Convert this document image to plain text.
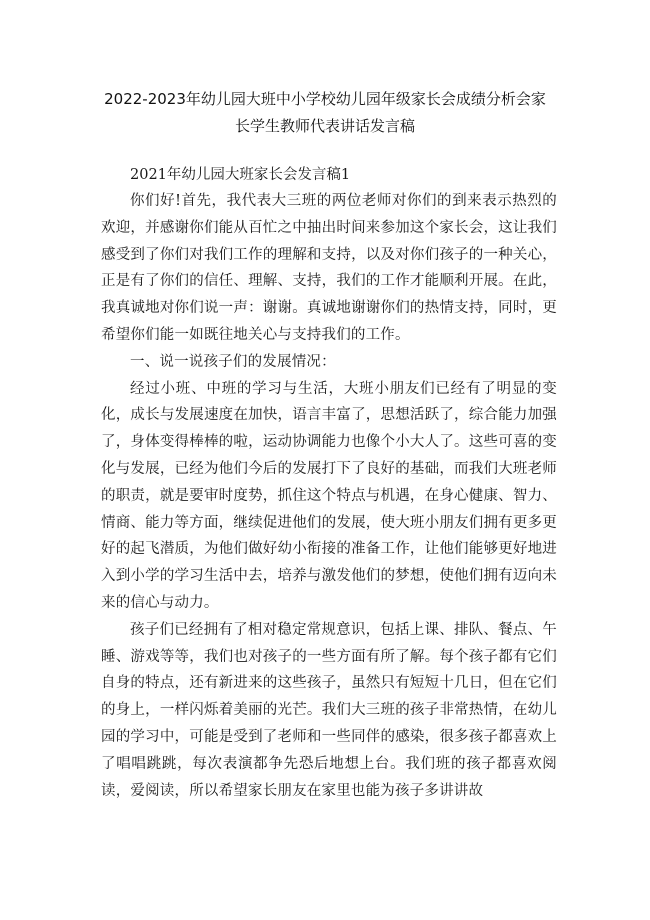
2022-2023年幼儿园大班中小学校幼儿园年级家长会成绩分析会家
长学生教师代表讲话发言稿
2021年幼儿园大班家长会发言稿1

你们好!首先，我代表大三班的两位老师对你们的到来表示热烈的欢迎，并感谢你们能从百忙之中抽出时间来参加这个家长会，这让我们感受到了你们对我们工作的理解和支持，以及对你们孩子的一种关心，正是有了你们的信任、理解、支持，我们的工作才能顺利开展。在此，我真诚地对你们说一声：谢谢。真诚地谢谢你们的热情支持，同时，更希望你们能一如既往地关心与支持我们的工作。

一、说一说孩子们的发展情况：

经过小班、中班的学习与生活，大班小朋友们已经有了明显的变化，成长与发展速度在加快，语言丰富了，思想活跃了，综合能力加强了，身体变得棒棒的啦，运动协调能力也像个小大人了。这些可喜的变化与发展，已经为他们今后的发展打下了良好的基础，而我们大班老师的职责，就是要审时度势，抓住这个特点与机遇，在身心健康、智力、情商、能力等方面，继续促进他们的发展，使大班小朋友们拥有更多更好的起飞潜质，为他们做好幼小衔接的准备工作，让他们能够更好地进入到小学的学习生活中去，培养与激发他们的梦想，使他们拥有迈向未来的信心与动力。

孩子们已经拥有了相对稳定常规意识，包括上课、排队、餐点、午睡、游戏等等，我们也对孩子的一些方面有所了解。每个孩子都有它们自身的特点，还有新进来的这些孩子，虽然只有短短十几日，但在它们的身上，一样闪烁着美丽的光芒。我们大三班的孩子非常热情，在幼儿园的学习中，可能是受到了老师和一些同伴的感染，很多孩子都喜欢上了唱唱跳跳，每次表演都争先恐后地想上台。我们班的孩子都喜欢阅读，爱阅读，所以希望家长朋友在家里也能为孩子多讲讲故
